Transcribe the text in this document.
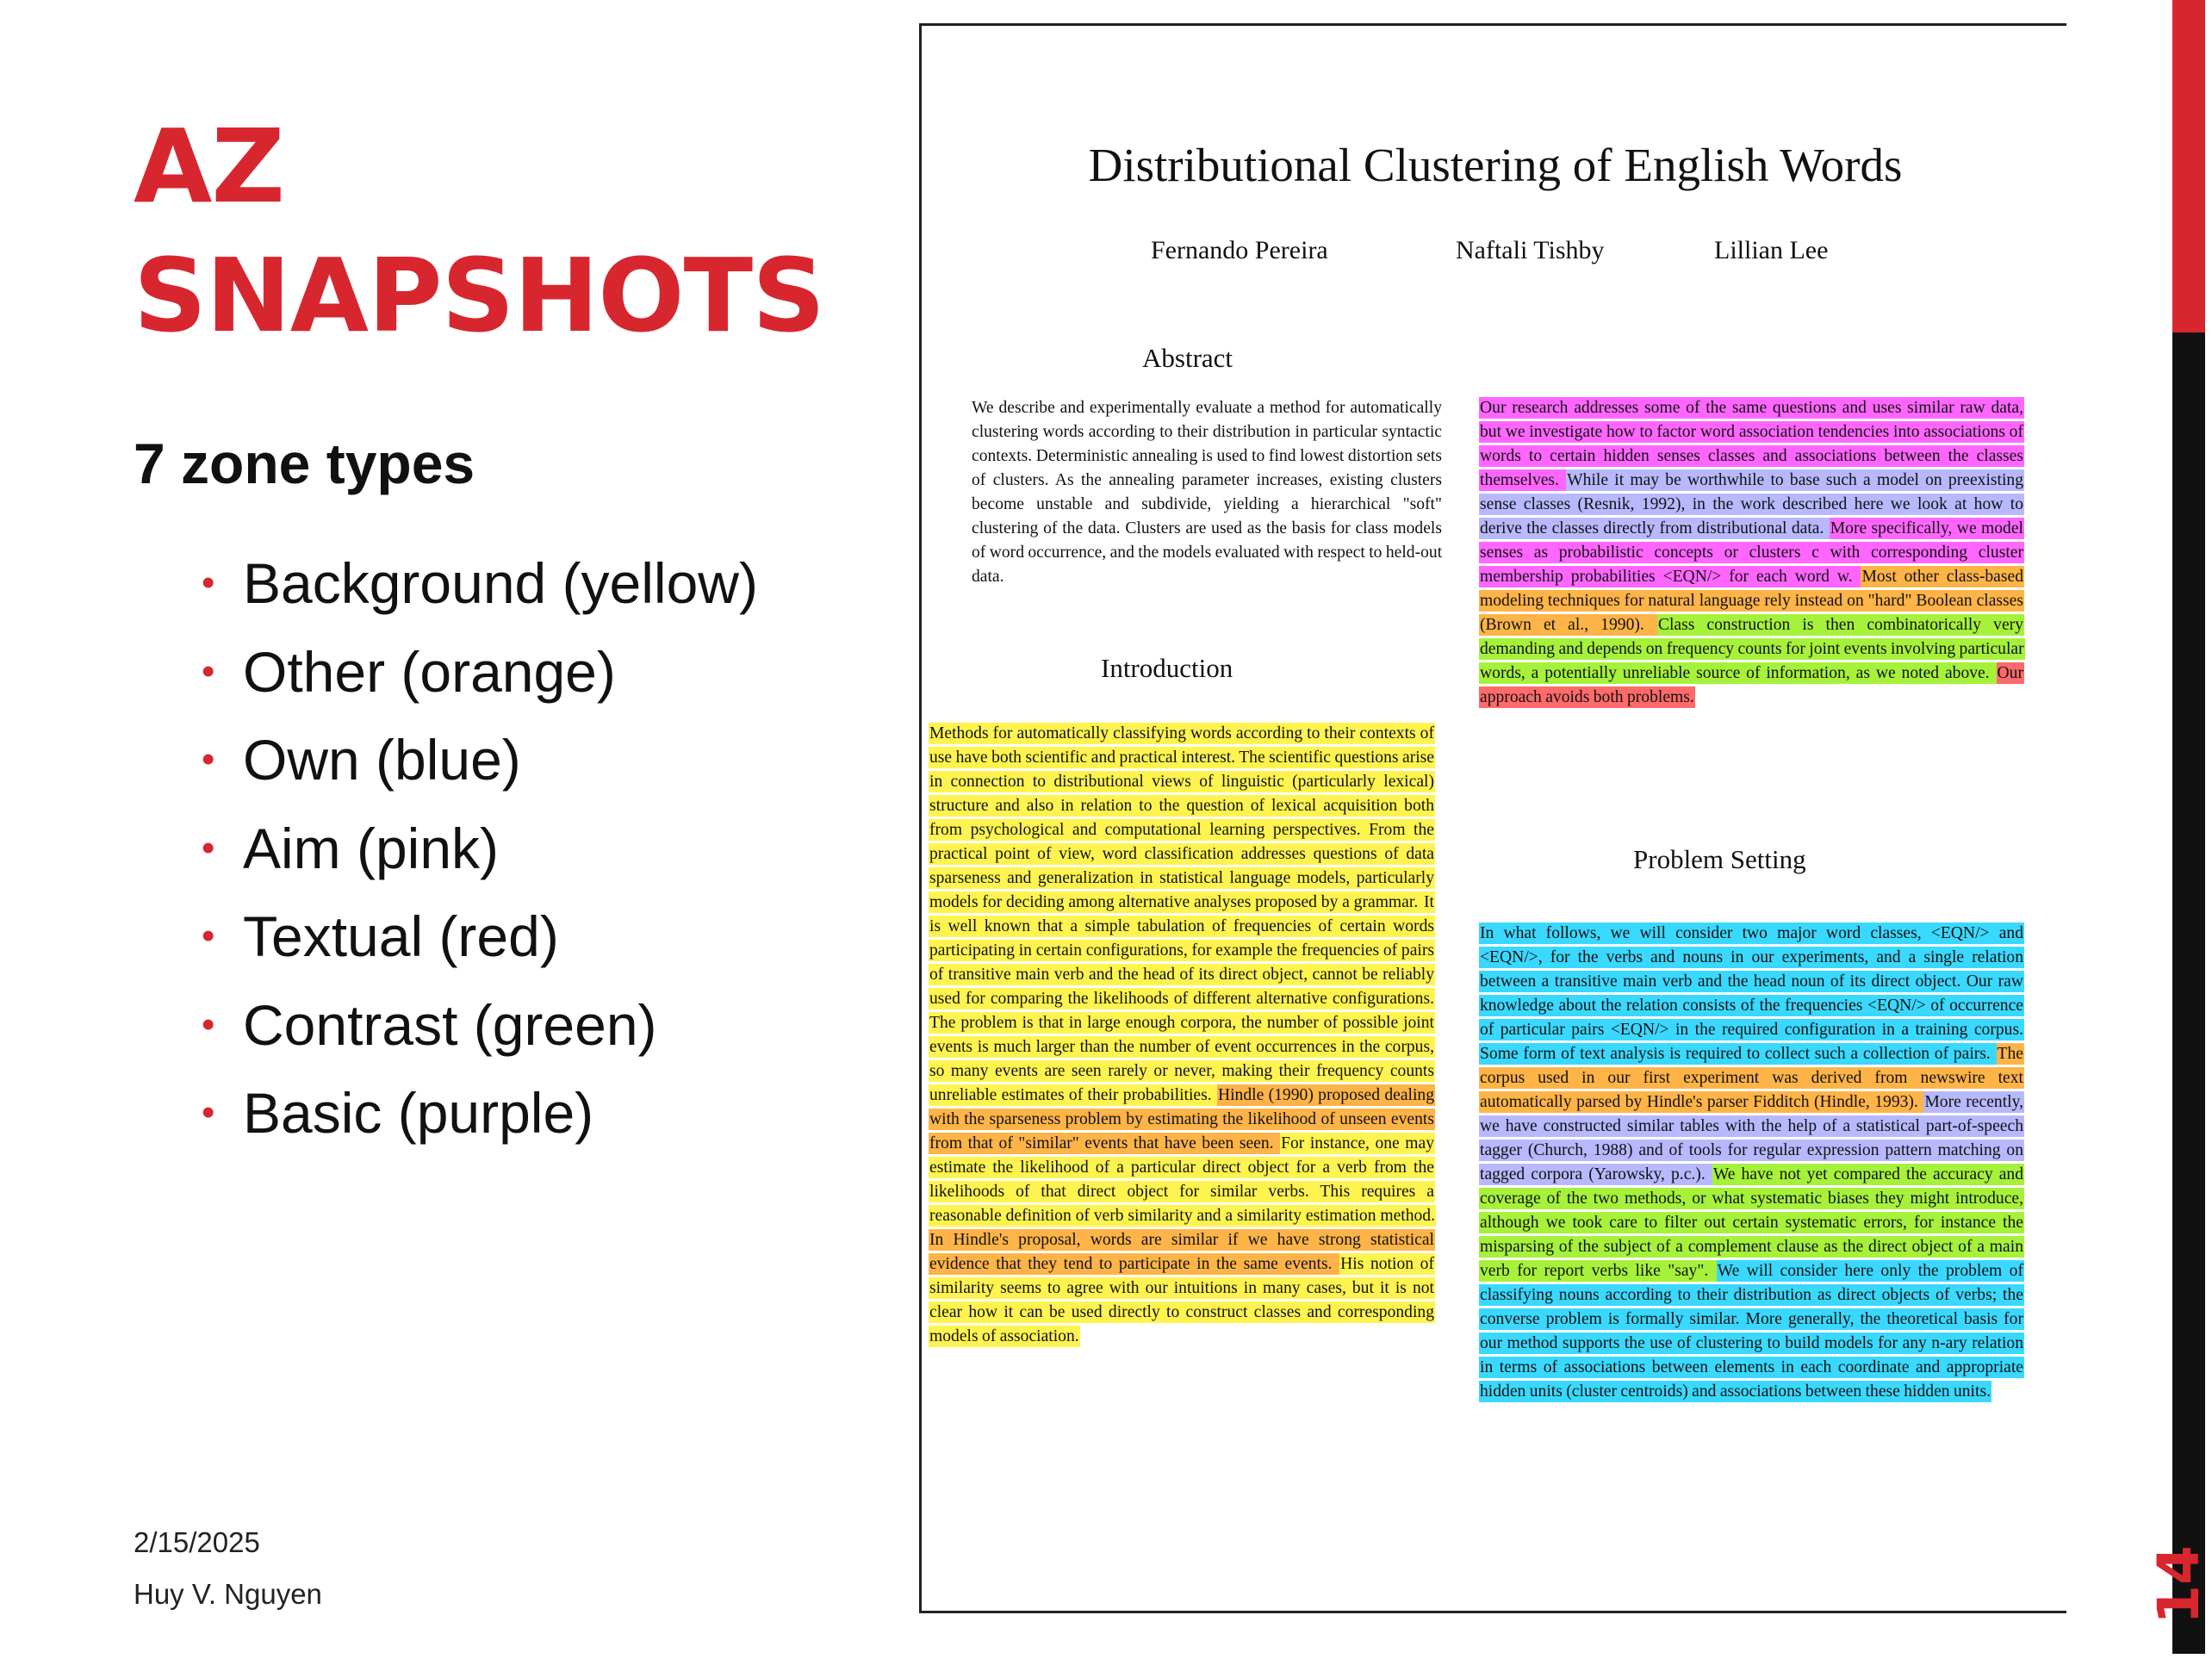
AZ
SNAPSHOTS
7 zone types
• Background (yellow)
• Other (orange)
• Own (blue)
• Aim (pink)
• Textual (red)
• Contrast (green)
• Basic (purple)
2/15/2025
Huy V. Nguyen	14
Distributional Clustering of English Words
Fernando Pereira	Naftali Tishby	Lillian Lee
Abstract
Introduction
Problem Setting
We describe and experimentally evaluate a method for automatically clustering words according to their distribution in particular syntactic contexts. Deterministic annealing is used to find lowest distortion sets of clusters. As the annealing parameter increases, existing clusters become unstable and subdivide, yielding a hierarchical "soft" clustering of the data. Clusters are used as the basis for class models of word occurrence, and the models evaluated with respect to held-out data.
Our research addresses some of the same questions and uses similar raw data, but we investigate how to factor word association tendencies into associations of words to certain hidden senses classes and associations between the classes themselves. While it may be worthwhile to base such a model on preexisting sense classes (Resnik, 1992), in the work described here we look at how to derive the classes directly from distributional data. More specifically, we model senses as probabilistic concepts or clusters c with corresponding cluster membership probabilities <EQN/> for each word w. Most other class-based modeling techniques for natural language rely instead on "hard" Boolean classes (Brown et al., 1990). Class construction is then combinatorically very demanding and depends on frequency counts for joint events involving particular words, a potentially unreliable source of information, as we noted above. Our approach avoids both problems.
Methods for automatically classifying words according to their contexts of use have both scientific and practical interest. The scientific questions arise in connection to distributional views of linguistic (particularly lexical) structure and also in relation to the question of lexical acquisition both from psychological and computational learning perspectives. From the practical point of view, word classification addresses questions of data sparseness and generalization in statistical language models, particularly models for deciding among alternative analyses proposed by a grammar. It is well known that a simple tabulation of frequencies of certain words participating in certain configurations, for example the frequencies of pairs of transitive main verb and the head of its direct object, cannot be reliably used for comparing the likelihoods of different alternative configurations. The problem is that in large enough corpora, the number of possible joint events is much larger than the number of event occurrences in the corpus, so many events are seen rarely or never, making their frequency counts unreliable estimates of their probabilities. Hindle (1990) proposed dealing with the sparseness problem by estimating the likelihood of unseen events from that of "similar" events that have been seen. For instance, one may estimate the likelihood of a particular direct object for a verb from the likelihoods of that direct object for similar verbs. This requires a reasonable definition of verb similarity and a similarity estimation method. In Hindle's proposal, words are similar if we have strong statistical evidence that they tend to participate in the same events. His notion of similarity seems to agree with our intuitions in many cases, but it is not clear how it can be used directly to construct classes and corresponding models of association.
In what follows, we will consider two major word classes, <EQN/> and <EQN/>, for the verbs and nouns in our experiments, and a single relation between a transitive main verb and the head noun of its direct object. Our raw knowledge about the relation consists of the frequencies <EQN/> of occurrence of particular pairs <EQN/> in the required configuration in a training corpus. Some form of text analysis is required to collect such a collection of pairs. The corpus used in our first experiment was derived from newswire text automatically parsed by Hindle's parser Fidditch (Hindle, 1993). More recently, we have constructed similar tables with the help of a statistical part-of-speech tagger (Church, 1988) and of tools for regular expression pattern matching on tagged corpora (Yarowsky, p.c.). We have not yet compared the accuracy and coverage of the two methods, or what systematic biases they might introduce, although we took care to filter out certain systematic errors, for instance the misparsing of the subject of a complement clause as the direct object of a main verb for report verbs like "say". We will consider here only the problem of classifying nouns according to their distribution as direct objects of verbs; the converse problem is formally similar. More generally, the theoretical basis for our method supports the use of clustering to build models for any n-ary relation in terms of associations between elements in each coordinate and appropriate hidden units (cluster centroids) and associations between these hidden units.
